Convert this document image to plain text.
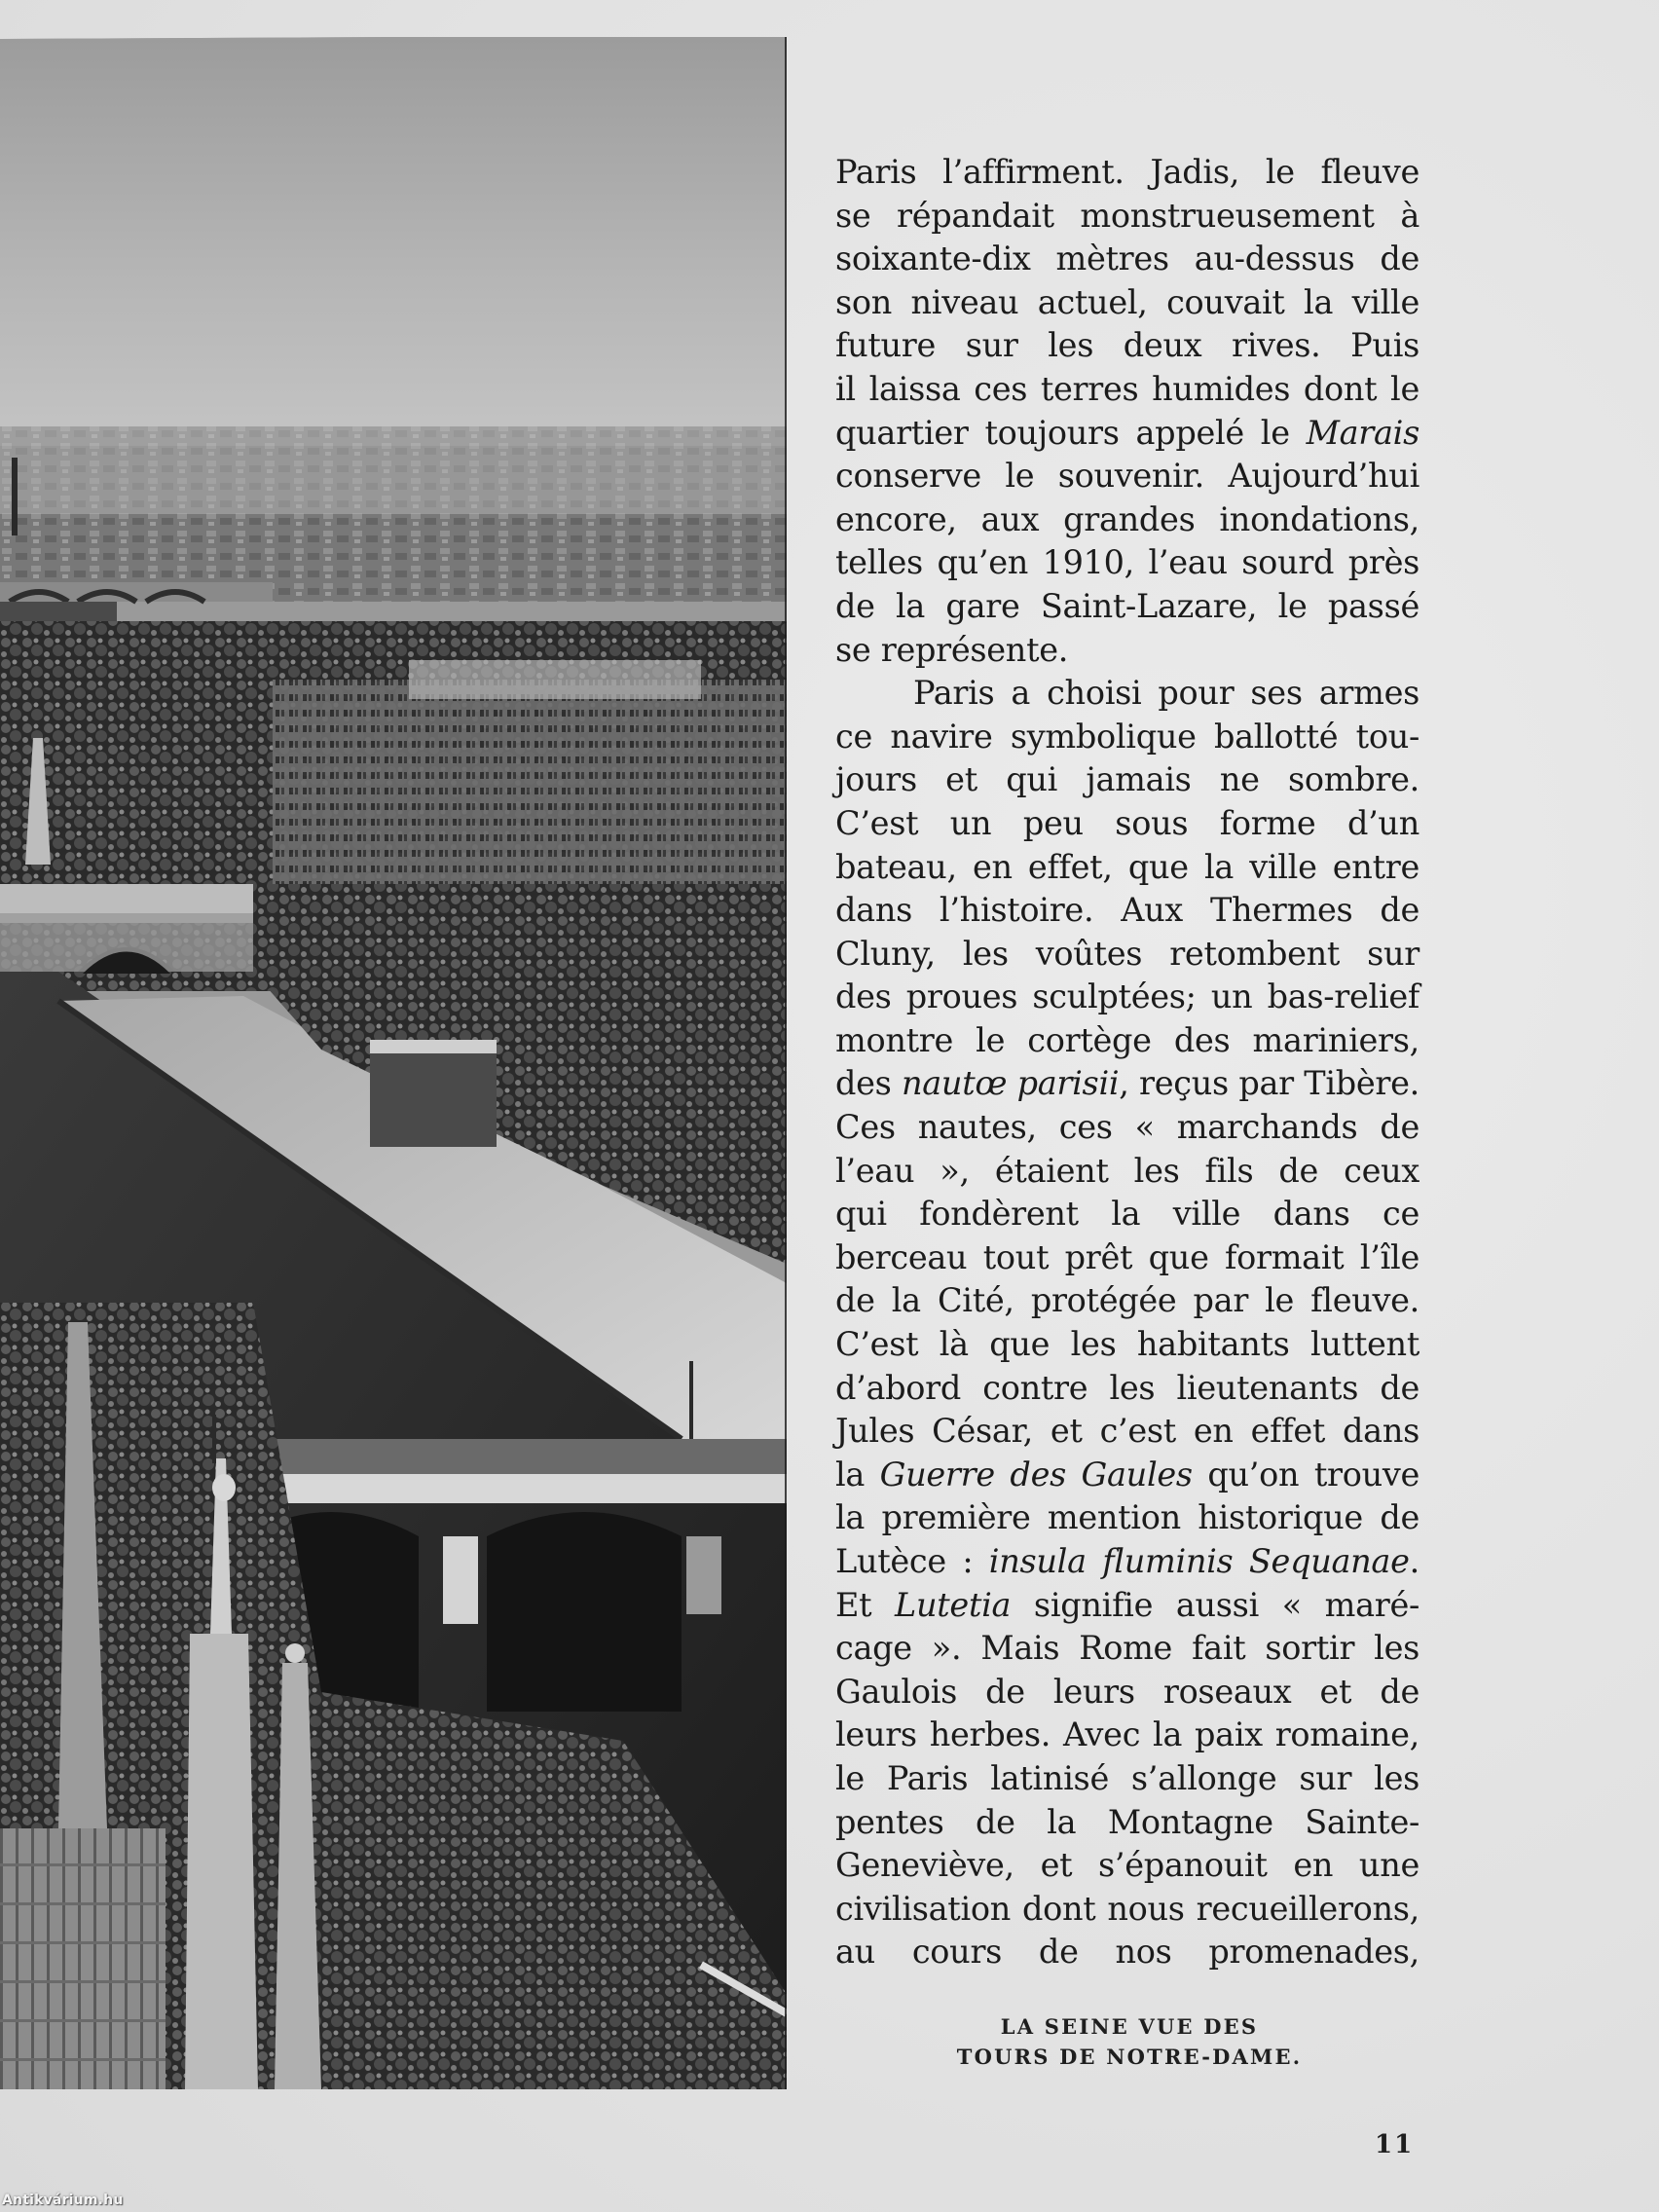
Paris l’affirment. Jadis, le fleuve
se répandait monstrueusement à
soixante-dix mètres au-dessus de
son niveau actuel, couvait la ville
future sur les deux rives. Puis
il laissa ces terres humides dont le
quartier toujours appelé le Marais
conserve le souvenir. Aujourd’hui
encore, aux grandes inondations,
telles qu’en 1910, l’eau sourd près
de la gare Saint-Lazare, le passé
se représente.
Paris a choisi pour ses armes
ce navire symbolique ballotté tou-
jours et qui jamais ne sombre.
C’est un peu sous forme d’un
bateau, en effet, que la ville entre
dans l’histoire. Aux Thermes de
Cluny, les voûtes retombent sur
des proues sculptées; un bas-relief
montre le cortège des mariniers,
des nautœ parisii, reçus par Tibère.
Ces nautes, ces « marchands de
l’eau », étaient les fils de ceux
qui fondèrent la ville dans ce
berceau tout prêt que formait l’île
de la Cité, protégée par le fleuve.
C’est là que les habitants luttent
d’abord contre les lieutenants de
Jules César, et c’est en effet dans
la Guerre des Gaules qu’on trouve
la première mention historique de
Lutèce : insula fluminis Sequanae.
Et Lutetia signifie aussi « maré-
cage ». Mais Rome fait sortir les
Gaulois de leurs roseaux et de
leurs herbes. Avec la paix romaine,
le Paris latinisé s’allonge sur les
pentes de la Montagne Sainte-
Geneviève, et s’épanouit en une
civilisation dont nous recueillerons,
au cours de nos promenades,
LA SEINE VUE DES
TOURS DE NOTRE-DAME.
11
Antikvárium.hu
